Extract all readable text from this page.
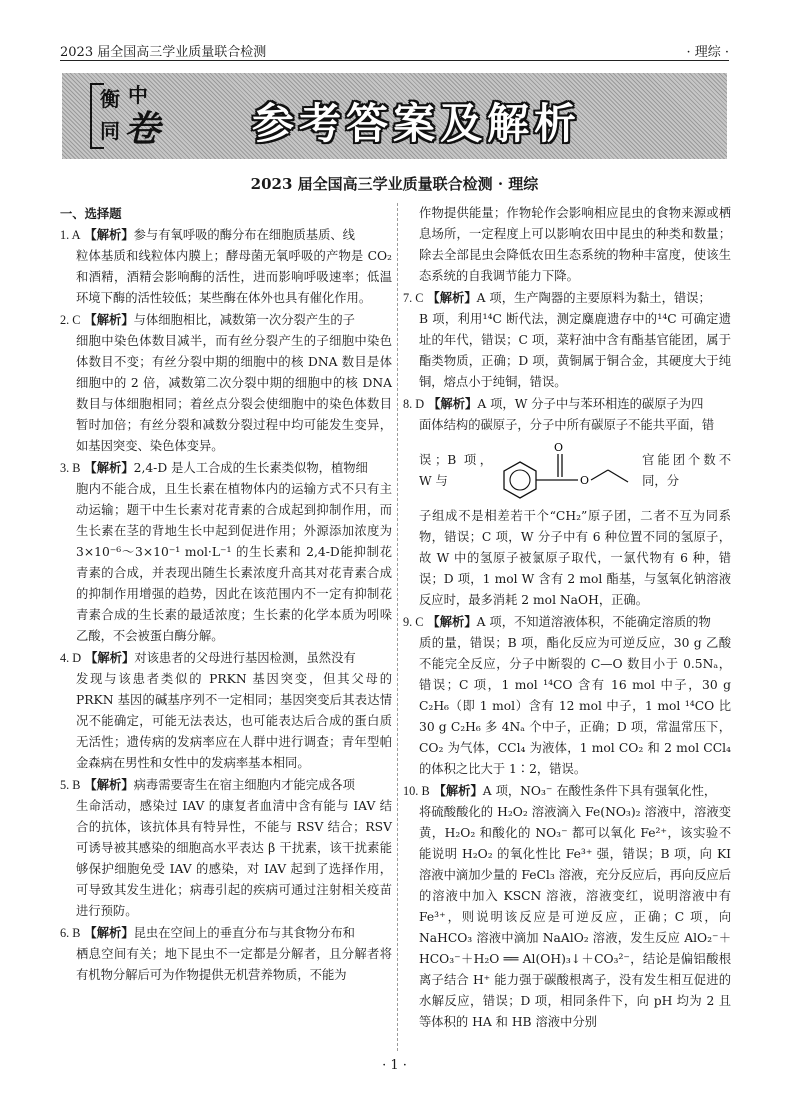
2023 届全国高三学业质量联合检测	· 理综 ·
衡 中
同 卷 参考答案及解析
2023 届全国高三学业质量联合检测 · 理综
一、选择题
1. A 【解析】参与有氧呼吸的酶分布在细胞质基质、线
粒体基质和线粒体内膜上；酵母菌无氧呼吸的产物是 CO₂ 和酒精，酒精会影响酶的活性，进而影响呼吸速率；低温环境下酶的活性较低；某些酶在体外也具有催化作用。
2. C 【解析】与体细胞相比，减数第一次分裂产生的子
细胞中染色体数目减半，而有丝分裂产生的子细胞中染色体数目不变；有丝分裂中期的细胞中的核 DNA 数目是体细胞中的 2 倍，减数第二次分裂中期的细胞中的核 DNA 数目与体细胞相同；着丝点分裂会使细胞中的染色体数目暂时加倍；有丝分裂和减数分裂过程中均可能发生变异，如基因突变、染色体变异。
3. B 【解析】2,4-D 是人工合成的生长素类似物，植物细
胞内不能合成，且生长素在植物体内的运输方式不只有主动运输；题干中生长素对花青素的合成起到抑制作用，而生长素在茎的背地生长中起到促进作用；外源添加浓度为 3×10⁻⁶～3×10⁻¹ mol·L⁻¹ 的生长素和 2,4-D能抑制花青素的合成，并表现出随生长素浓度升高其对花青素合成的抑制作用增强的趋势，因此在该范围内不一定有抑制花青素合成的生长素的最适浓度；生长素的化学本质为吲哚乙酸，不会被蛋白酶分解。
4. D 【解析】对该患者的父母进行基因检测，虽然没有
发现与该患者类似的 PRKN 基因突变，但其父母的 PRKN 基因的碱基序列不一定相同；基因突变后其表达情况不能确定，可能无法表达，也可能表达后合成的蛋白质无活性；遗传病的发病率应在人群中进行调查；青年型帕金森病在男性和女性中的发病率基本相同。
5. B 【解析】病毒需要寄生在宿主细胞内才能完成各项
生命活动，感染过 IAV 的康复者血清中含有能与 IAV 结合的抗体，该抗体具有特异性，不能与 RSV 结合；RSV 可诱导被其感染的细胞高水平表达 β 干扰素，该干扰素能够保护细胞免受 IAV 的感染，对 IAV 起到了选择作用，可导致其发生进化；病毒引起的疾病可通过注射相关疫苗进行预防。
6. B 【解析】昆虫在空间上的垂直分布与其食物分布和
栖息空间有关；地下昆虫不一定都是分解者，且分解者将有机物分解后可为作物提供无机营养物质，不能为
作物提供能量；作物轮作会影响相应昆虫的食物来源或栖息场所，一定程度上可以影响农田中昆虫的种类和数量；除去全部昆虫会降低农田生态系统的物种丰富度，使该生态系统的自我调节能力下降。
7. C 【解析】A 项，生产陶器的主要原料为黏土，错误；
B 项，利用¹⁴C 断代法，测定麋鹿遗存中的¹⁴C 可确定遗址的年代，错误；C 项，菜籽油中含有酯基官能团，属于酯类物质，正确；D 项，黄铜属于铜合金，其硬度大于纯铜，熔点小于纯铜，错误。
8. D 【解析】A 项，W 分子中与苯环相连的碳原子为四
面体结构的碳原子，分子中所有碳原子不能共平面，错
误；B 项，W 与
O
O
官能团个数不同，分
子组成不是相差若干个“CH₂”原子团，二者不互为同系物，错误；C 项，W 分子中有 6 种位置不同的氢原子，故 W 中的氢原子被氯原子取代，一氯代物有 6 种，错误；D 项，1 mol W 含有 2 mol 酯基，与氢氧化钠溶液反应时，最多消耗 2 mol NaOH，正确。
9. C 【解析】A 项，不知道溶液体积，不能确定溶质的物
质的量，错误；B 项，酯化反应为可逆反应，30 g 乙酸不能完全反应，分子中断裂的 C—O 数目小于 0.5Nₐ，错误；C 项，1 mol ¹⁴CO 含有 16 mol 中子，30 g C₂H₆（即 1 mol）含有 12 mol 中子，1 mol ¹⁴CO 比 30 g C₂H₆ 多 4Nₐ 个中子，正确；D 项，常温常压下，CO₂ 为气体，CCl₄ 为液体，1 mol CO₂ 和 2 mol CCl₄ 的体积之比大于 1∶2，错误。
10. B 【解析】A 项，NO₃⁻ 在酸性条件下具有强氧化性，
将硫酸酸化的 H₂O₂ 溶液滴入 Fe(NO₃)₂ 溶液中，溶液变黄，H₂O₂ 和酸化的 NO₃⁻ 都可以氧化 Fe²⁺，该实验不能说明 H₂O₂ 的氧化性比 Fe³⁺ 强，错误；B 项，向 KI 溶液中滴加少量的 FeCl₃ 溶液，充分反应后，再向反应后的溶液中加入 KSCN 溶液，溶液变红，说明溶液中有 Fe³⁺，则说明该反应是可逆反应，正确；C 项，向 NaHCO₃ 溶液中滴加 NaAlO₂ 溶液，发生反应 AlO₂⁻＋HCO₃⁻＋H₂O ══ Al(OH)₃↓＋CO₃²⁻，结论是偏铝酸根离子结合 H⁺ 能力强于碳酸根离子，没有发生相互促进的水解反应，错误；D 项，相同条件下，向 pH 均为 2 且等体积的 HA 和 HB 溶液中分别
· 1 ·
